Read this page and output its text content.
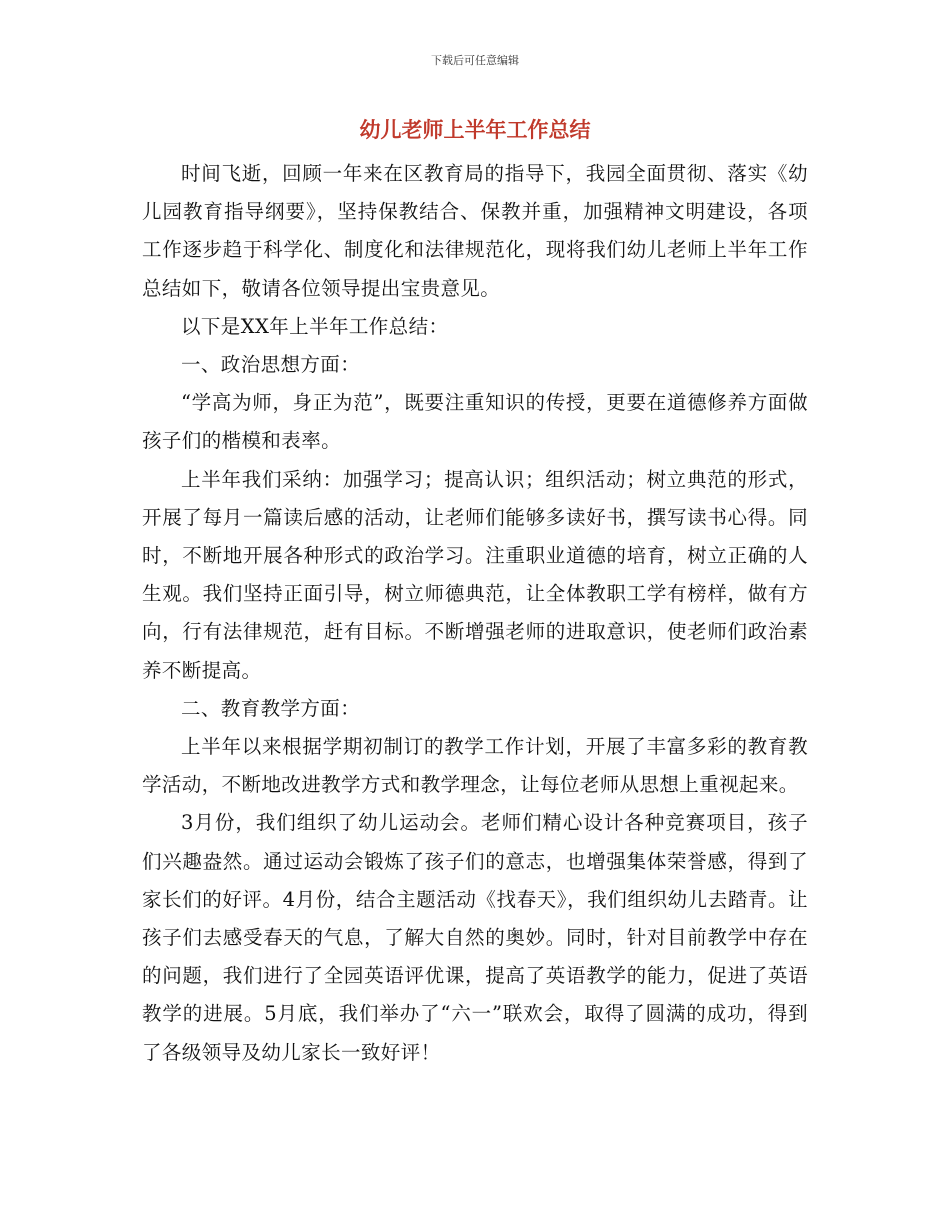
下载后可任意编辑
幼儿老师上半年工作总结

时间飞逝，回顾一年来在区教育局的指导下，我园全面贯彻、落实《幼儿园教育指导纲要》，坚持保教结合、保教并重，加强精神文明建设，各项工作逐步趋于科学化、制度化和法律规范化，现将我们幼儿老师上半年工作总结如下，敬请各位领导提出宝贵意见。

以下是XX年上半年工作总结：

一、政治思想方面：

“学高为师，身正为范”，既要注重知识的传授，更要在道德修养方面做孩子们的楷模和表率。

上半年我们采纳：加强学习；提高认识；组织活动；树立典范的形式，开展了每月一篇读后感的活动，让老师们能够多读好书，撰写读书心得。同时，不断地开展各种形式的政治学习。注重职业道德的培育，树立正确的人生观。我们坚持正面引导，树立师德典范，让全体教职工学有榜样，做有方向，行有法律规范，赶有目标。不断增强老师的进取意识，使老师们政治素养不断提高。

二、教育教学方面：

上半年以来根据学期初制订的教学工作计划，开展了丰富多彩的教育教学活动，不断地改进教学方式和教学理念，让每位老师从思想上重视起来。

3月份，我们组织了幼儿运动会。老师们精心设计各种竞赛项目，孩子们兴趣盎然。通过运动会锻炼了孩子们的意志，也增强集体荣誉感，得到了家长们的好评。4月份，结合主题活动《找春天》，我们组织幼儿去踏青。让孩子们去感受春天的气息，了解大自然的奥妙。同时，针对目前教学中存在的问题，我们进行了全园英语评优课，提高了英语教学的能力，促进了英语教学的进展。5月底，我们举办了“六一”联欢会，取得了圆满的成功，得到了各级领导及幼儿家长一致好评！
